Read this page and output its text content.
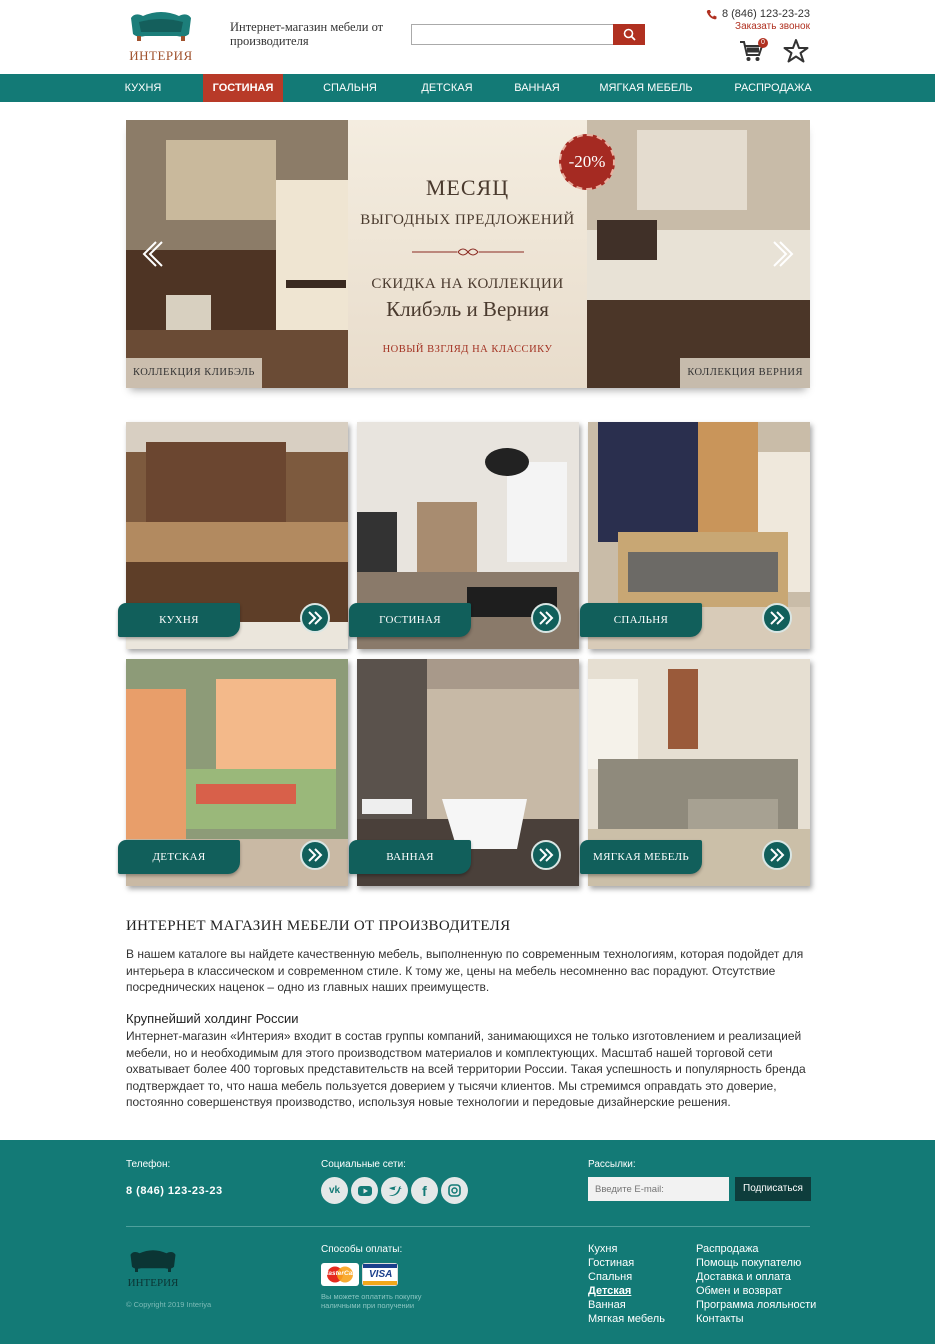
ИНТЕРИЯ
Интернет-магазин мебели от производителя
8 (846) 123-23-23
Заказать звонок
0
КУХНЯ	ГОСТИНАЯ	СПАЛЬНЯ	ДЕТСКАЯ	ВАННАЯ	МЯГКАЯ МЕБЕЛЬ	РАСПРОДАЖА
КОЛЛЕКЦИЯ КЛИБЭЛЬ
МЕСЯЦ
ВЫГОДНЫХ ПРЕДЛОЖЕНИЙ
СКИДКА НА КОЛЛЕКЦИИ
Клибэль и Верния
НОВЫЙ ВЗГЛЯД НА КЛАССИКУ
КОЛЛЕКЦИЯ ВЕРНИЯ
-20%
КУХНЯ	ГОСТИНАЯ	СПАЛЬНЯ
ДЕТСКАЯ	ВАННАЯ	МЯГКАЯ МЕБЕЛЬ
ИНТЕРНЕТ МАГАЗИН МЕБЕЛИ ОТ ПРОИЗВОДИТЕЛЯ
В нашем каталоге вы найдете качественную мебель, выполненную по современным технологиям, которая подойдет для интерьера в классическом и современном стиле. К тому же, цены на мебель несомненно вас порадуют. Отсутствие посреднических наценок – одно из главных наших преимуществ.
Крупнейший холдинг России
Интернет-магазин «Интерия» входит в состав группы компаний, занимающихся не только изготовлением и реализацией мебели, но и необходимым для этого производством материалов и комплектующих. Масштаб нашей торговой сети охватывает более 400 торговых представительств на всей территории России. Такая успешность и популярность бренда подтверждает то, что наша мебель пользуется доверием у тысячи клиентов. Мы стремимся оправдать это доверие, постоянно совершенствуя производство, используя новые технологии и передовые дизайнерские решения.
Телефон:
8 (846) 123-23-23
Социальные сети:
vk	f
Рассылки:
Введите E-mail:
Подписаться
ИНТЕРИЯ
© Copyright 2019 Interiya
Способы оплаты:
MasterCard VISA
Вы можете оплатить покупку наличными при получении
Кухня
Гостиная
Спальня
Детская
Ванная
Мягкая мебель
Распродажа
Помощь покупателю
Доставка и оплата
Обмен и возврат
Программа лояльности
Контакты
